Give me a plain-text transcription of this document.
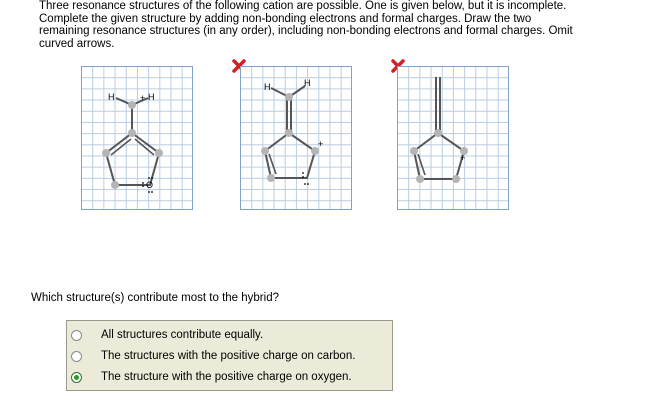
Three resonance structures of the following cation are possible. One is given below, but it is incomplete.
Complete the given structure by adding non-bonding electrons and formal charges. Draw the two
remaining resonance structures (in any order), including non-bonding electrons and formal charges. Omit
curved arrows.
H	H
+
O
H	H
+
+

Which structure(s) contribute most to the hybrid?

All structures contribute equally.
The structures with the positive charge on carbon.
The structure with the positive charge on oxygen.
